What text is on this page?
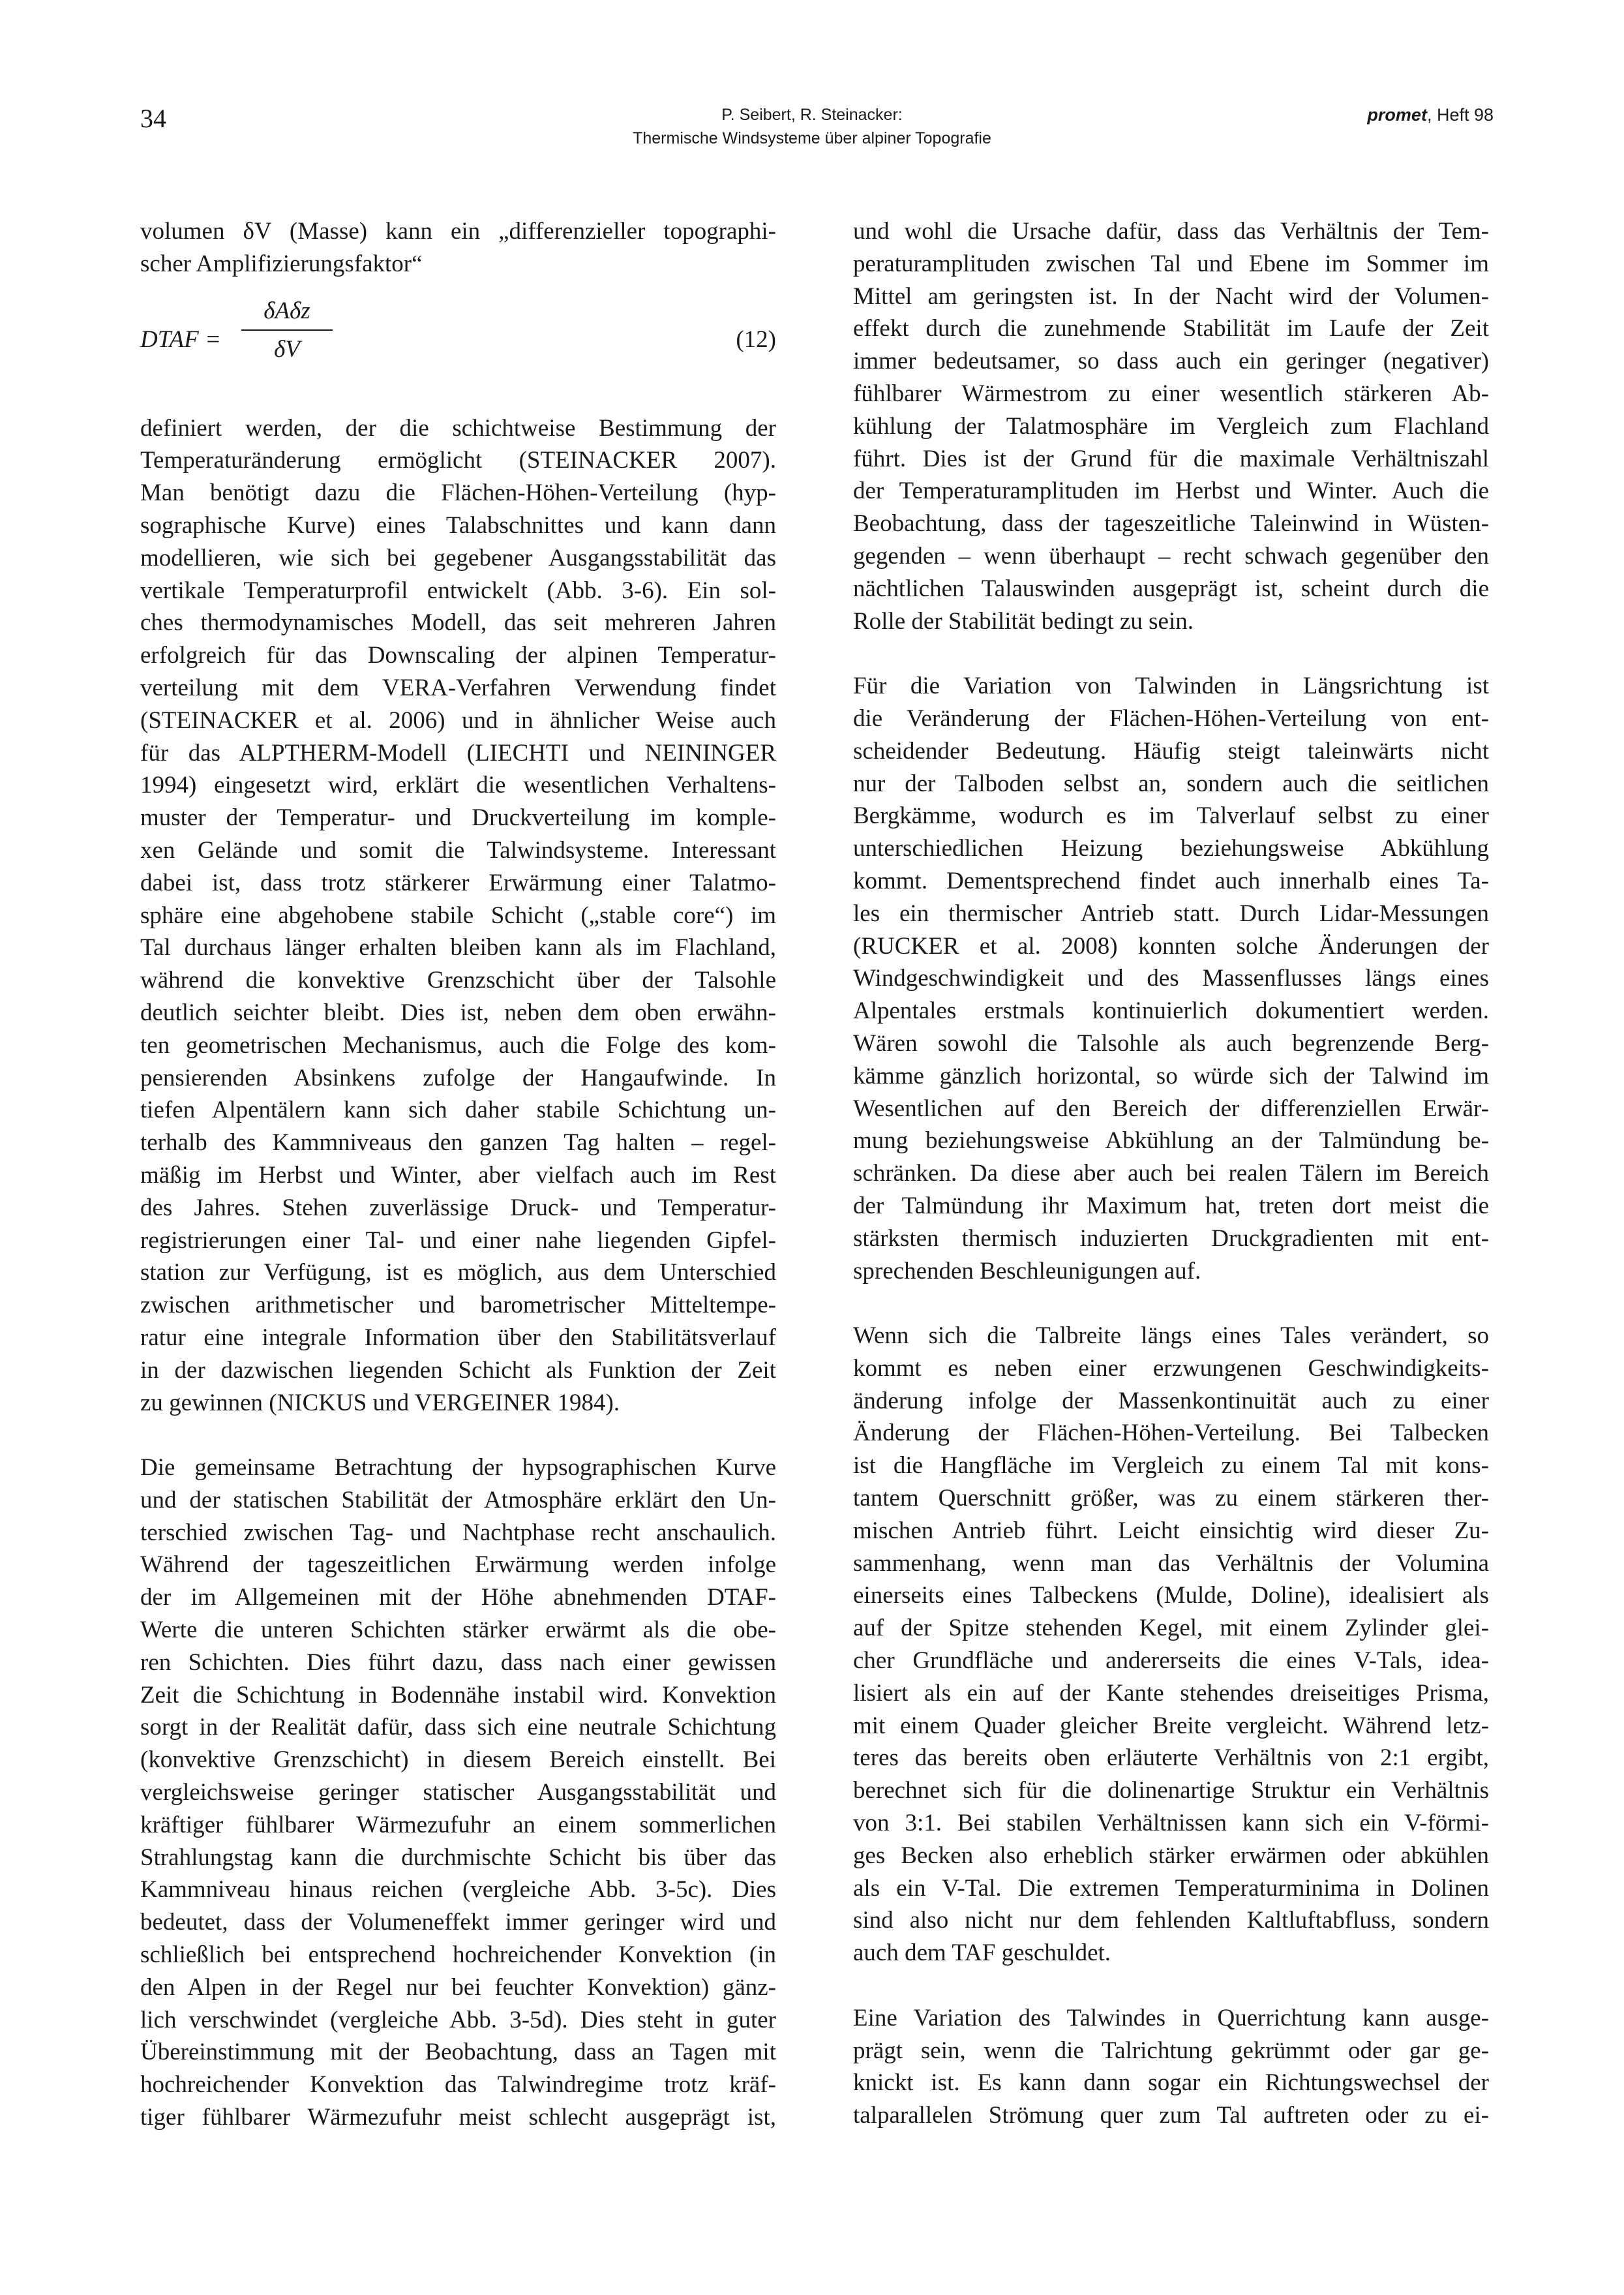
34	P. Seibert, R. Steinacker:
Thermische Windsysteme über alpiner Topografie
promet, Heft 98
volumen δV (Masse) kann ein „differenzieller topographi-
scher Amplifizierungsfaktor“
DTAF =
δAδz
δV	(12)
definiert werden, der die schichtweise Bestimmung der
Temperaturänderung ermöglicht (STEINACKER 2007).
Man benötigt dazu die Flächen-Höhen-Verteilung (hyp-
sographische Kurve) eines Talabschnittes und kann dann
modellieren, wie sich bei gegebener Ausgangsstabilität das
vertikale Temperaturprofil entwickelt (Abb. 3-6). Ein sol-
ches thermodynamisches Modell, das seit mehreren Jahren
erfolgreich für das Downscaling der alpinen Temperatur-
verteilung mit dem VERA-Verfahren Verwendung findet
(STEINACKER et al. 2006) und in ähnlicher Weise auch
für das ALPTHERM-Modell (LIECHTI und NEININGER
1994) eingesetzt wird, erklärt die wesentlichen Verhaltens-
muster der Temperatur- und Druckverteilung im komple-
xen Gelände und somit die Talwindsysteme. Interessant
dabei ist, dass trotz stärkerer Erwärmung einer Talatmo-
sphäre eine abgehobene stabile Schicht („stable core“) im
Tal durchaus länger erhalten bleiben kann als im Flachland,
während die konvektive Grenzschicht über der Talsohle
deutlich seichter bleibt. Dies ist, neben dem oben erwähn-
ten geometrischen Mechanismus, auch die Folge des kom-
pensierenden Absinkens zufolge der Hangaufwinde. In
tiefen Alpentälern kann sich daher stabile Schichtung un-
terhalb des Kammniveaus den ganzen Tag halten – regel-
mäßig im Herbst und Winter, aber vielfach auch im Rest
des Jahres. Stehen zuverlässige Druck- und Temperatur-
registrierungen einer Tal- und einer nahe liegenden Gipfel-
station zur Verfügung, ist es möglich, aus dem Unterschied
zwischen arithmetischer und barometrischer Mitteltempe-
ratur eine integrale Information über den Stabilitätsverlauf
in der dazwischen liegenden Schicht als Funktion der Zeit
zu gewinnen (NICKUS und VERGEINER 1984).
Die gemeinsame Betrachtung der hypsographischen Kurve
und der statischen Stabilität der Atmosphäre erklärt den Un-
terschied zwischen Tag- und Nachtphase recht anschaulich.
Während der tageszeitlichen Erwärmung werden infolge
der im Allgemeinen mit der Höhe abnehmenden DTAF-
Werte die unteren Schichten stärker erwärmt als die obe-
ren Schichten. Dies führt dazu, dass nach einer gewissen
Zeit die Schichtung in Bodennähe instabil wird. Konvektion
sorgt in der Realität dafür, dass sich eine neutrale Schichtung
(konvektive Grenzschicht) in diesem Bereich einstellt. Bei
vergleichsweise geringer statischer Ausgangsstabilität und
kräftiger fühlbarer Wärmezufuhr an einem sommerlichen
Strahlungstag kann die durchmischte Schicht bis über das
Kammniveau hinaus reichen (vergleiche Abb. 3-5c). Dies
bedeutet, dass der Volumeneffekt immer geringer wird und
schließlich bei entsprechend hochreichender Konvektion (in
den Alpen in der Regel nur bei feuchter Konvektion) gänz-
lich verschwindet (vergleiche Abb. 3-5d). Dies steht in guter
Übereinstimmung mit der Beobachtung, dass an Tagen mit
hochreichender Konvektion das Talwindregime trotz kräf-
tiger fühlbarer Wärmezufuhr meist schlecht ausgeprägt ist,
und wohl die Ursache dafür, dass das Verhältnis der Tem-
peraturamplituden zwischen Tal und Ebene im Sommer im
Mittel am geringsten ist. In der Nacht wird der Volumen-
effekt durch die zunehmende Stabilität im Laufe der Zeit
immer bedeutsamer, so dass auch ein geringer (negativer)
fühlbarer Wärmestrom zu einer wesentlich stärkeren Ab-
kühlung der Talatmosphäre im Vergleich zum Flachland
führt. Dies ist der Grund für die maximale Verhältniszahl
der Temperaturamplituden im Herbst und Winter. Auch die
Beobachtung, dass der tageszeitliche Taleinwind in Wüsten-
gegenden – wenn überhaupt – recht schwach gegenüber den
nächtlichen Talauswinden ausgeprägt ist, scheint durch die
Rolle der Stabilität bedingt zu sein.
Für die Variation von Talwinden in Längsrichtung ist
die Veränderung der Flächen-Höhen-Verteilung von ent-
scheidender Bedeutung. Häufig steigt taleinwärts nicht
nur der Talboden selbst an, sondern auch die seitlichen
Bergkämme, wodurch es im Talverlauf selbst zu einer
unterschiedlichen Heizung beziehungsweise Abkühlung
kommt. Dementsprechend findet auch innerhalb eines Ta-
les ein thermischer Antrieb statt. Durch Lidar-Messungen
(RUCKER et al. 2008) konnten solche Änderungen der
Windgeschwindigkeit und des Massenflusses längs eines
Alpentales erstmals kontinuierlich dokumentiert werden.
Wären sowohl die Talsohle als auch begrenzende Berg-
kämme gänzlich horizontal, so würde sich der Talwind im
Wesentlichen auf den Bereich der differenziellen Erwär-
mung beziehungsweise Abkühlung an der Talmündung be-
schränken. Da diese aber auch bei realen Tälern im Bereich
der Talmündung ihr Maximum hat, treten dort meist die
stärksten thermisch induzierten Druckgradienten mit ent-
sprechenden Beschleunigungen auf.
Wenn sich die Talbreite längs eines Tales verändert, so
kommt es neben einer erzwungenen Geschwindigkeits-
änderung infolge der Massenkontinuität auch zu einer
Änderung der Flächen-Höhen-Verteilung. Bei Talbecken
ist die Hangfläche im Vergleich zu einem Tal mit kons-
tantem Querschnitt größer, was zu einem stärkeren ther-
mischen Antrieb führt. Leicht einsichtig wird dieser Zu-
sammenhang, wenn man das Verhältnis der Volumina
einerseits eines Talbeckens (Mulde, Doline), idealisiert als
auf der Spitze stehenden Kegel, mit einem Zylinder glei-
cher Grundfläche und andererseits die eines V-Tals, idea-
lisiert als ein auf der Kante stehendes dreiseitiges Prisma,
mit einem Quader gleicher Breite vergleicht. Während letz-
teres das bereits oben erläuterte Verhältnis von 2:1 ergibt,
berechnet sich für die dolinenartige Struktur ein Verhältnis
von 3:1. Bei stabilen Verhältnissen kann sich ein V-förmi-
ges Becken also erheblich stärker erwärmen oder abkühlen
als ein V-Tal. Die extremen Temperaturminima in Dolinen
sind also nicht nur dem fehlenden Kaltluftabfluss, sondern
auch dem TAF geschuldet.
Eine Variation des Talwindes in Querrichtung kann ausge-
prägt sein, wenn die Talrichtung gekrümmt oder gar ge-
knickt ist. Es kann dann sogar ein Richtungswechsel der
talparallelen Strömung quer zum Tal auftreten oder zu ei-
